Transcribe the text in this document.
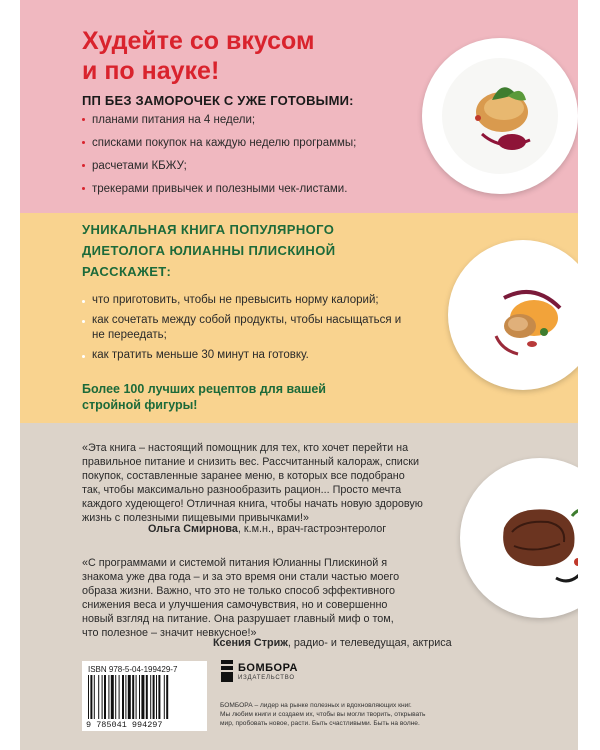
Худейте со вкусом
и по науке!
ПП БЕЗ ЗАМОРОЧЕК С УЖЕ ГОТОВЫМИ:
планами питания на 4 недели;
списками покупок на каждую неделю программы;
расчетами КБЖУ;
трекерами привычек и полезными чек-листами.
УНИКАЛЬНАЯ КНИГА ПОПУЛЯРНОГО
ДИЕТОЛОГА ЮЛИАННЫ ПЛИСКИНОЙ
РАССКАЖЕТ:
что приготовить, чтобы не превысить норму калорий;
как сочетать между собой продукты, чтобы насыщаться и не переедать;
как тратить меньше 30 минут на готовку.

Более 100 лучших рецептов для вашей
стройной фигуры!

«Эта книга – настоящий помощник для тех, кто хочет перейти на
правильное питание и снизить вес. Рассчитанный калораж, списки
покупок, составленные заранее меню, в которых все подобрано
так, чтобы максимально разнообразить рацион... Просто мечта
каждого худеющего! Отличная книга, чтобы начать новую здоровую
жизнь с полезными пищевыми привычками!»

Ольга Смирнова, к.м.н., врач-гастроэнтеролог

«С программами и системой питания Юлианны Плискиной я
знакома уже два года – и за это время они стали частью моего
образа жизни. Важно, что это не только способ эффективного
снижения веса и улучшения самочувствия, но и совершенно
новый взгляд на питание. Она разрушает главный миф о том,
что полезное – значит невкусное!»

Ксения Стриж, радио- и телеведущая, актриса
ISBN 978-5-04-199429-7
9 785041 994297
БОМБОРА
ИЗДАТЕЛЬСТВО

БОМБОРА – лидер на рынке полезных и вдохновляющих книг.
Мы любим книги и создаем их, чтобы вы могли творить, открывать
мир, пробовать новое, расти. Быть счастливыми. Быть на волне.
